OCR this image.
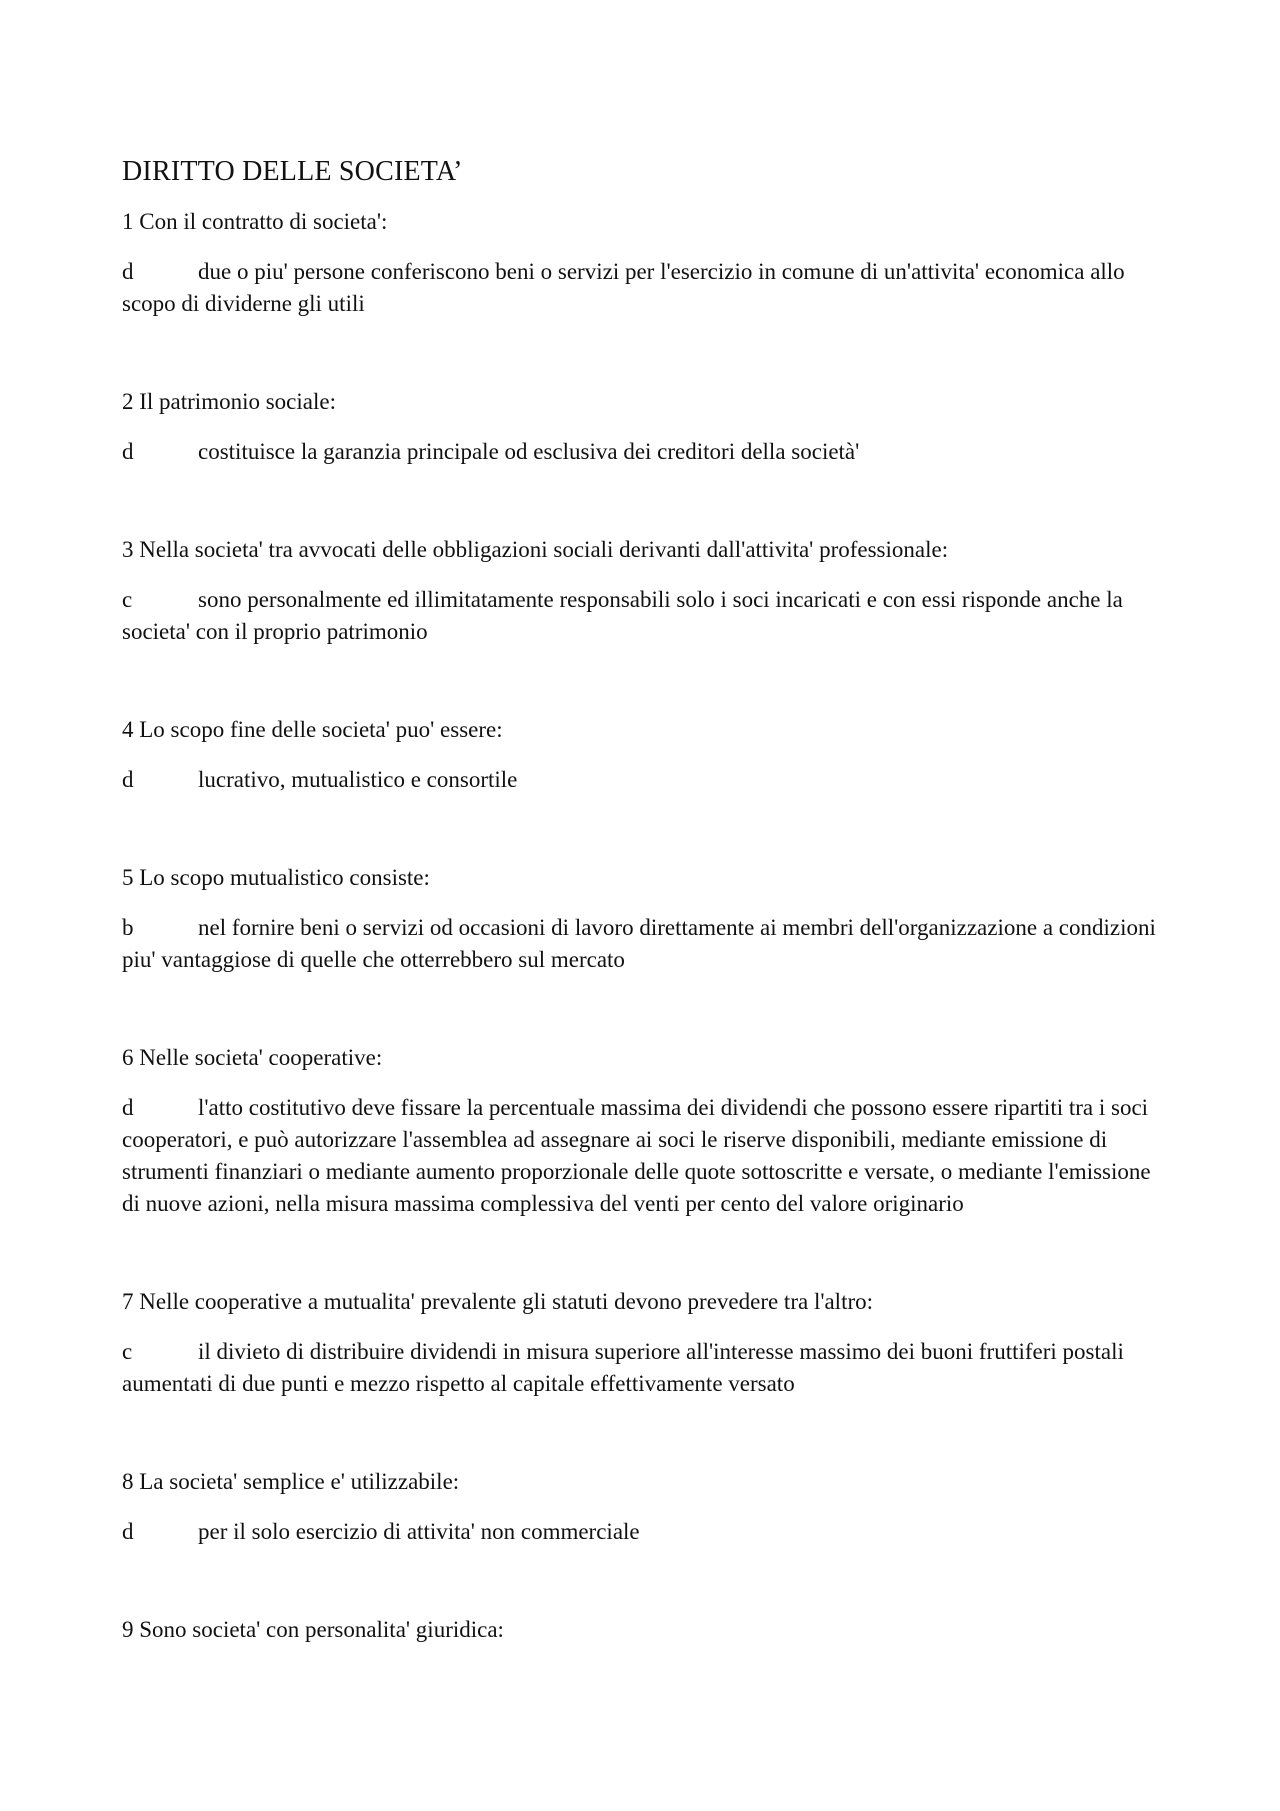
DIRITTO DELLE SOCIETA’

1 Con il contratto di societa':

d	due o piu' persone conferiscono beni o servizi per l'esercizio in comune di un'attivita' economica allo scopo di dividerne gli utili

2 Il patrimonio sociale:

d	costituisce la garanzia principale od esclusiva dei creditori della società'

3 Nella societa' tra avvocati delle obbligazioni sociali derivanti dall'attivita' professionale:

c	sono personalmente ed illimitatamente responsabili solo i soci incaricati e con essi risponde anche la societa' con il proprio patrimonio

4 Lo scopo fine delle societa' puo' essere:

d	lucrativo, mutualistico e consortile

5 Lo scopo mutualistico consiste:

b	nel fornire beni o servizi od occasioni di lavoro direttamente ai membri dell'organizzazione a condizioni piu' vantaggiose di quelle che otterrebbero sul mercato

6 Nelle societa' cooperative:

d	l'atto costitutivo deve fissare la percentuale massima dei dividendi che possono essere ripartiti tra i soci cooperatori, e può autorizzare l'assemblea ad assegnare ai soci le riserve disponibili, mediante emissione di strumenti finanziari o mediante aumento proporzionale delle quote sottoscritte e versate, o mediante l'emissione di nuove azioni, nella misura massima complessiva del venti per cento del valore originario

7 Nelle cooperative a mutualita' prevalente gli statuti devono prevedere tra l'altro:

c	il divieto di distribuire dividendi in misura superiore all'interesse massimo dei buoni fruttiferi postali aumentati di due punti e mezzo rispetto al capitale effettivamente versato

8 La societa' semplice e' utilizzabile:

d	per il solo esercizio di attivita' non commerciale

9 Sono societa' con personalita' giuridica:
